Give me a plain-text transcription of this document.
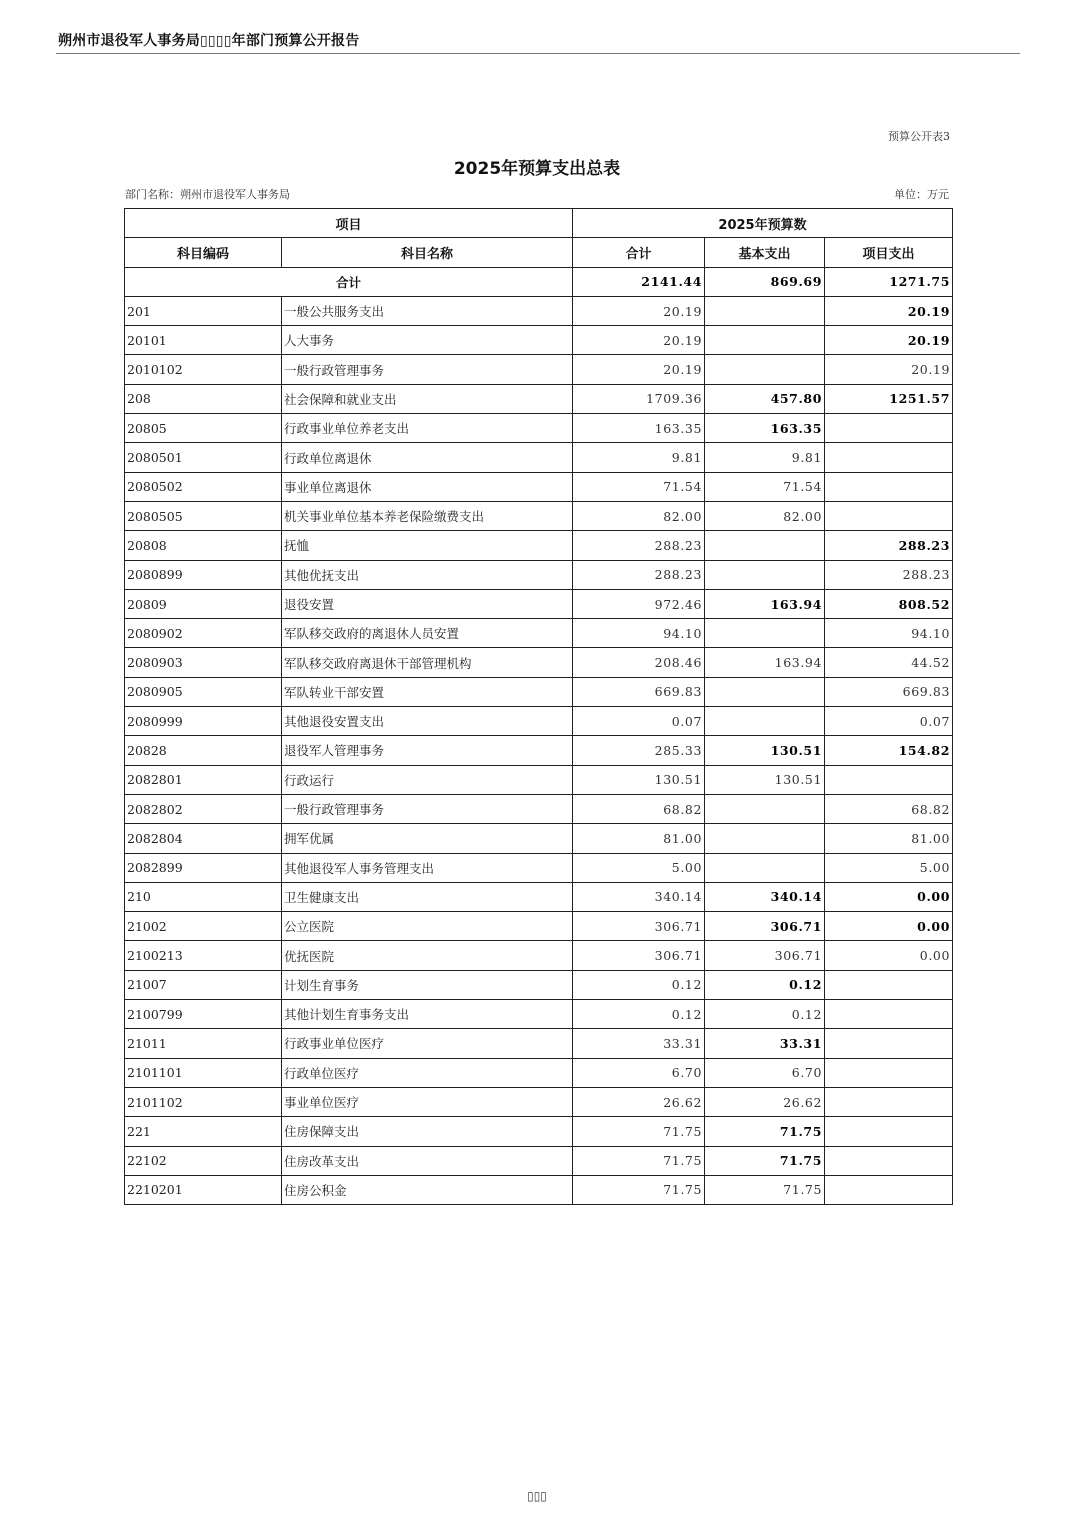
朔州市退役军人事务局▯▯▯▯年部门预算公开报告
预算公开表3
2025年预算支出总表
部门名称：朔州市退役军人事务局	单位：万元
项目		2025年预算数		
科目编码	科目名称	合计	基本支出	项目支出
合计		2141.44	869.69	1271.75
201	一般公共服务支出	20.19		20.19
20101	人大事务	20.19		20.19
2010102	一般行政管理事务	20.19		20.19
208	社会保障和就业支出	1709.36	457.80	1251.57
20805	行政事业单位养老支出	163.35	163.35	
2080501	行政单位离退休	9.81	9.81	
2080502	事业单位离退休	71.54	71.54	
2080505	机关事业单位基本养老保险缴费支出	82.00	82.00	
20808	抚恤	288.23		288.23
2080899	其他优抚支出	288.23		288.23
20809	退役安置	972.46	163.94	808.52
2080902	军队移交政府的离退休人员安置	94.10		94.10
2080903	军队移交政府离退休干部管理机构	208.46	163.94	44.52
2080905	军队转业干部安置	669.83		669.83
2080999	其他退役安置支出	0.07		0.07
20828	退役军人管理事务	285.33	130.51	154.82
2082801	行政运行	130.51	130.51	
2082802	一般行政管理事务	68.82		68.82
2082804	拥军优属	81.00		81.00
2082899	其他退役军人事务管理支出	5.00		5.00
210	卫生健康支出	340.14	340.14	0.00
21002	公立医院	306.71	306.71	0.00
2100213	优抚医院	306.71	306.71	0.00
21007	计划生育事务	0.12	0.12	
2100799	其他计划生育事务支出	0.12	0.12	
21011	行政事业单位医疗	33.31	33.31	
2101101	行政单位医疗	6.70	6.70	
2101102	事业单位医疗	26.62	26.62	
221	住房保障支出	71.75	71.75	
22102	住房改革支出	71.75	71.75	
2210201	住房公积金	71.75	71.75	
▯▯▯
